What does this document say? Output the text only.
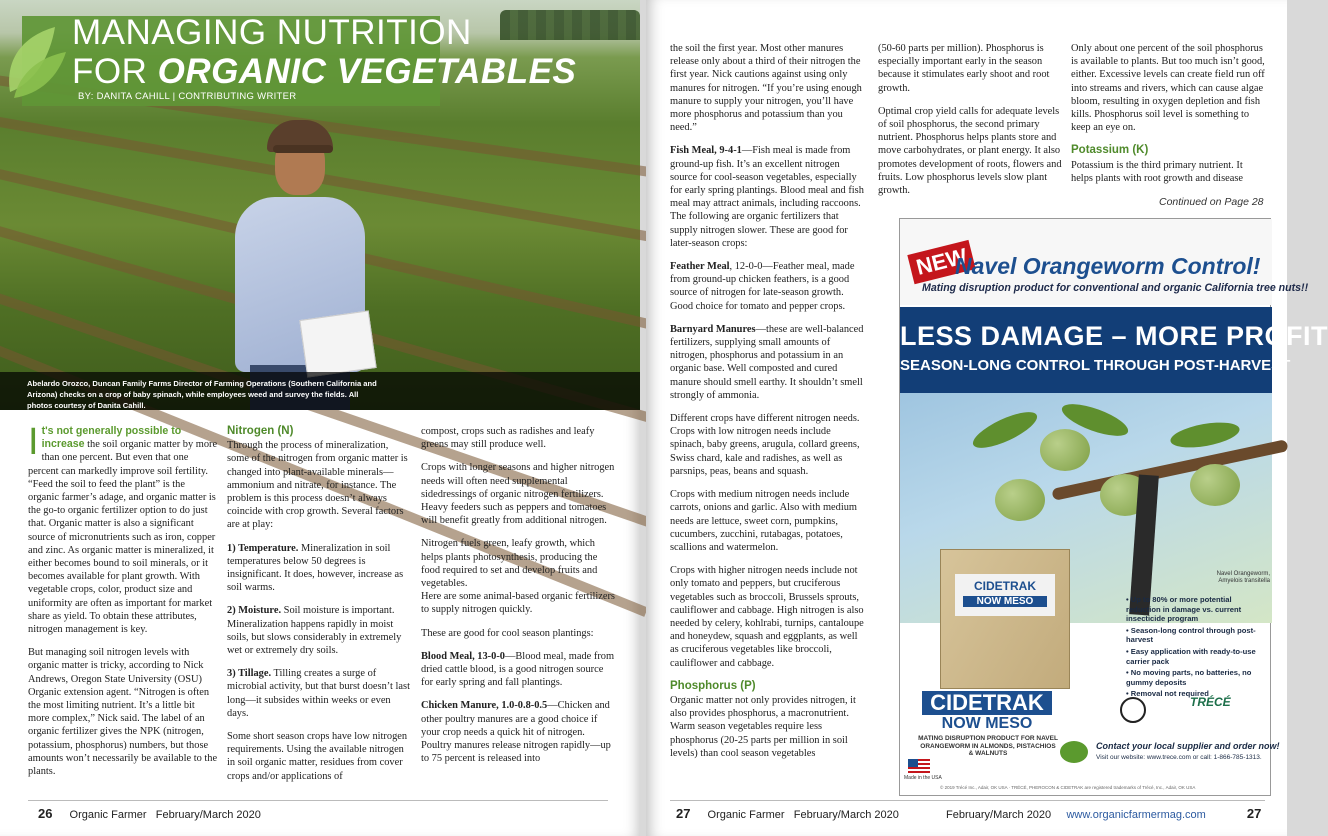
MANAGING NUTRITION
FOR ORGANIC VEGETABLES
BY: DANITA CAHILL | CONTRIBUTING WRITER
Abelardo Orozco, Duncan Family Farms Director of Farming Operations (Southern California and Arizona) checks on a crop of baby spinach, while employees weed and survey the fields. All photos courtesy of Danita Cahill.

It's not generally possible to increase the soil organic matter by more than one percent. But even that one percent can markedly improve soil fertility. “Feed the soil to feed the plant” is the organic farmer’s adage, and organic matter is the go-to organic fertilizer option to do just that. Organic matter is also a significant source of micronutrients such as iron, copper and zinc. As organic matter is mineralized, it either becomes bound to soil minerals, or it becomes available for plant growth. With vegetable crops, color, product size and uniformity are often as important for market share as yield. To obtain these attributes, nitrogen management is key.

But managing soil nitrogen levels with organic matter is tricky, according to Nick Andrews, Oregon State University (OSU) Organic extension agent. “Nitrogen is often the most limiting nutrient. It’s a little bit more complex,” Nick said. The label of an organic fertilizer gives the NPK (nitrogen, potassium, phosphorus) numbers, but those amounts won’t necessarily be available to the plants.

Nitrogen (N)

Through the process of mineralization, some of the nitrogen from organic matter is changed into plant-available minerals—ammonium and nitrate, for instance. The problem is this process doesn’t always coincide with crop growth. Several factors are at play:

1) Temperature. Mineralization in soil temperatures below 50 degrees is insignificant. It does, however, increase as soil warms.

2) Moisture. Soil moisture is important. Mineralization happens rapidly in moist soils, but slows considerably in extremely wet or extremely dry soils.

3) Tillage. Tilling creates a surge of microbial activity, but that burst doesn’t last long—it subsides within weeks or even days.

Some short season crops have low nitrogen requirements. Using the available nitrogen in soil organic matter, residues from cover crops and/or applications of

compost, crops such as radishes and leafy greens may still produce well.

Crops with longer seasons and higher nitrogen needs will often need supplemental sidedressings of organic nitrogen fertilizers. Heavy feeders such as peppers and tomatoes will benefit greatly from additional nitrogen.

Nitrogen fuels green, leafy growth, which helps plants photosynthesis, producing the food required to set and develop fruits and vegetables.

Here are some animal-based organic fertilizers to supply nitrogen quickly.

These are good for cool season plantings:

Blood Meal, 13-0-0—Blood meal, made from dried cattle blood, is a good nitrogen source for early spring and fall plantings.

Chicken Manure, 1.0-0.8-0.5—Chicken and other poultry manures are a good choice if your crop needs a quick hit of nitrogen. Poultry manures release nitrogen rapidly—up to 75 percent is released into

26 Organic Farmer February/March 2020

the soil the first year. Most other manures release only about a third of their nitrogen the first year. Nick cautions against using only manures for nitrogen. “If you’re using enough manure to supply your nitrogen, you’ll have more phosphorus and potassium than you need.”

Fish Meal, 9-4-1—Fish meal is made from ground-up fish. It’s an excellent nitrogen source for cool-season vegetables, especially for early spring plantings. Blood meal and fish meal may attract animals, including raccoons.

The following are organic fertilizers that supply nitrogen slower. These are good for later-season crops:

Feather Meal, 12-0-0—Feather meal, made from ground-up chicken feathers, is a good source of nitrogen for late-season growth. Good choice for tomato and pepper crops.

Barnyard Manures—these are well-balanced fertilizers, supplying small amounts of nitrogen, phosphorus and potassium in an organic base. Well composted and cured manure should smell earthy. It shouldn’t smell strongly of ammonia.

Different crops have different nitrogen needs. Crops with low nitrogen needs include spinach, baby greens, arugula, collard greens, Swiss chard, kale and radishes, as well as parsnips, peas, beans and squash.

Crops with medium nitrogen needs include carrots, onions and garlic. Also with medium needs are lettuce, sweet corn, pumpkins, cucumbers, zucchini, rutabagas, potatoes, scallions and watermelon.

Crops with higher nitrogen needs include not only tomato and peppers, but cruciferous vegetables such as broccoli, Brussels sprouts, cauliflower and cabbage. High nitrogen is also needed by celery, kohlrabi, turnips, cantaloupe and honeydew, squash and eggplants, as well as cruciferous vegetables like broccoli, cauliflower and cabbage.

Phosphorus (P)

Organic matter not only provides nitrogen, it also provides phosphorus, a macronutrient. Warm season vegetables require less phosphorus (20-25 parts per million in soil levels) than cool season vegetables

(50-60 parts per million). Phosphorus is especially important early in the season because it stimulates early shoot and root growth.

Optimal crop yield calls for adequate levels of soil phosphorus, the second primary nutrient. Phosphorus helps plants store and move carbohydrates, or plant energy. It also promotes development of roots, flowers and fruits. Low phosphorus levels slow plant growth.

Only about one percent of the soil phosphorus is available to plants. But too much isn’t good, either. Excessive levels can create field run off into streams and rivers, which can cause algae bloom, resulting in oxygen depletion and fish kills. Phosphorus soil level is something to keep an eye on.

Potassium (K)

Potassium is the third primary nutrient. It helps plants with root growth and disease

Continued on Page 28
NEW
Navel Orangeworm Control!
Mating disruption product for conventional and organic California tree nuts!!
LESS DAMAGE – MORE PROFIT
SEASON-LONG CONTROL THROUGH POST-HARVEST
CIDETRAK
NOW MESO
Navel Orangeworm, Amyelois transitella
• Up to 80% or more potential reduction in damage vs. current insecticide program
• Season-long control through post-harvest
• Easy application with ready-to-use carrier pack
• No moving parts, no batteries, no gummy deposits
• Removal not required
CIDETRAK
NOW MESO
MATING DISRUPTION PRODUCT FOR NAVEL ORANGEWORM IN ALMONDS, PISTACHIOS & WALNUTS
TRÉCÉ
Contact your local supplier and order now!
Visit our website: www.trece.com or call: 1-866-785-1313.
Made in the USA
© 2019 Trécé Inc., Adair, OK USA · TRÉCÉ, PHEROCON & CIDETRAK are registered trademarks of Trécé, Inc., Adair, OK USA
27 Organic Farmer February/March 2020	February/March 2020 www.organicfarmermag.com	27
